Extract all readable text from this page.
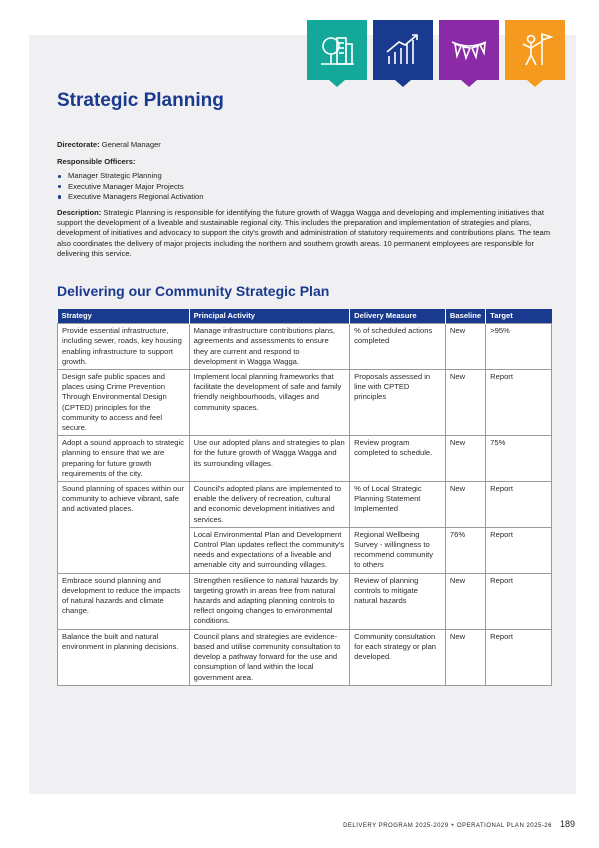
Strategic Planning
Directorate: General Manager
Responsible Officers:
Manager Strategic Planning
Executive Manager Major Projects
Executive Managers Regional Activation
Description: Strategic Planning is responsible for identifying the future growth of Wagga Wagga and developing and implementing initiatives that support the development of a liveable and sustainable regional city. This includes the preparation and implementation of strategies and plans, development of initiatives and advocacy to support the city's growth and administration of statutory requirements and contributions plans. The team also coordinates the delivery of major projects including the northern and southern growth areas. 10 permanent employees are responsible for delivering this service.
Delivering our Community Strategic Plan
Strategy	Principal Activity	Delivery Measure	Baseline	Target
Provide essential infrastructure, including sewer, roads, key housing enabling infrastructure to support growth.	Manage infrastructure contributions plans, agreements and assessments to ensure they are current and respond to development in Wagga Wagga.	% of scheduled actions completed	New	>95%
Design safe public spaces and places using Crime Prevention Through Environmental Design (CPTED) principles for the community to access and feel secure.	Implement local planning frameworks that facilitate the development of safe and family friendly neighbourhoods, villages and community spaces.	Proposals assessed in line with CPTED principles	New	Report
Adopt a sound approach to strategic planning to ensure that we are preparing for future growth requirements of the city.	Use our adopted plans and strategies to plan for the future growth of Wagga Wagga and its surrounding villages.	Review program completed to schedule.	New	75%
Sound planning of spaces within our community to achieve vibrant, safe and activated places.	Council's adopted plans are implemented to enable the delivery of recreation, cultural and economic development initiatives and services.	% of Local Strategic Planning Statement Implemented	New	Report
	Local Environmental Plan and Development Control Plan updates reflect the community's needs and expectations of a liveable and amenable city and surrounding villages.	Regional Wellbeing Survey - willingness to recommend community to others	76%	Report
Embrace sound planning and development to reduce the impacts of natural hazards and climate change.	Strengthen resilience to natural hazards by targeting growth in areas free from natural hazards and adapting planning controls to reflect ongoing changes to environmental conditions.	Review of planning controls to mitigate natural hazards	New	Report
Balance the built and natural environment in planning decisions.	Council plans and strategies are evidence-based and utilise community consultation to develop a pathway forward for the use and consumption of land within the local government area.	Community consultation for each strategy or plan developed.	New	Report
DELIVERY PROGRAM 2025-2029 + OPERATIONAL PLAN 2025-26 189
